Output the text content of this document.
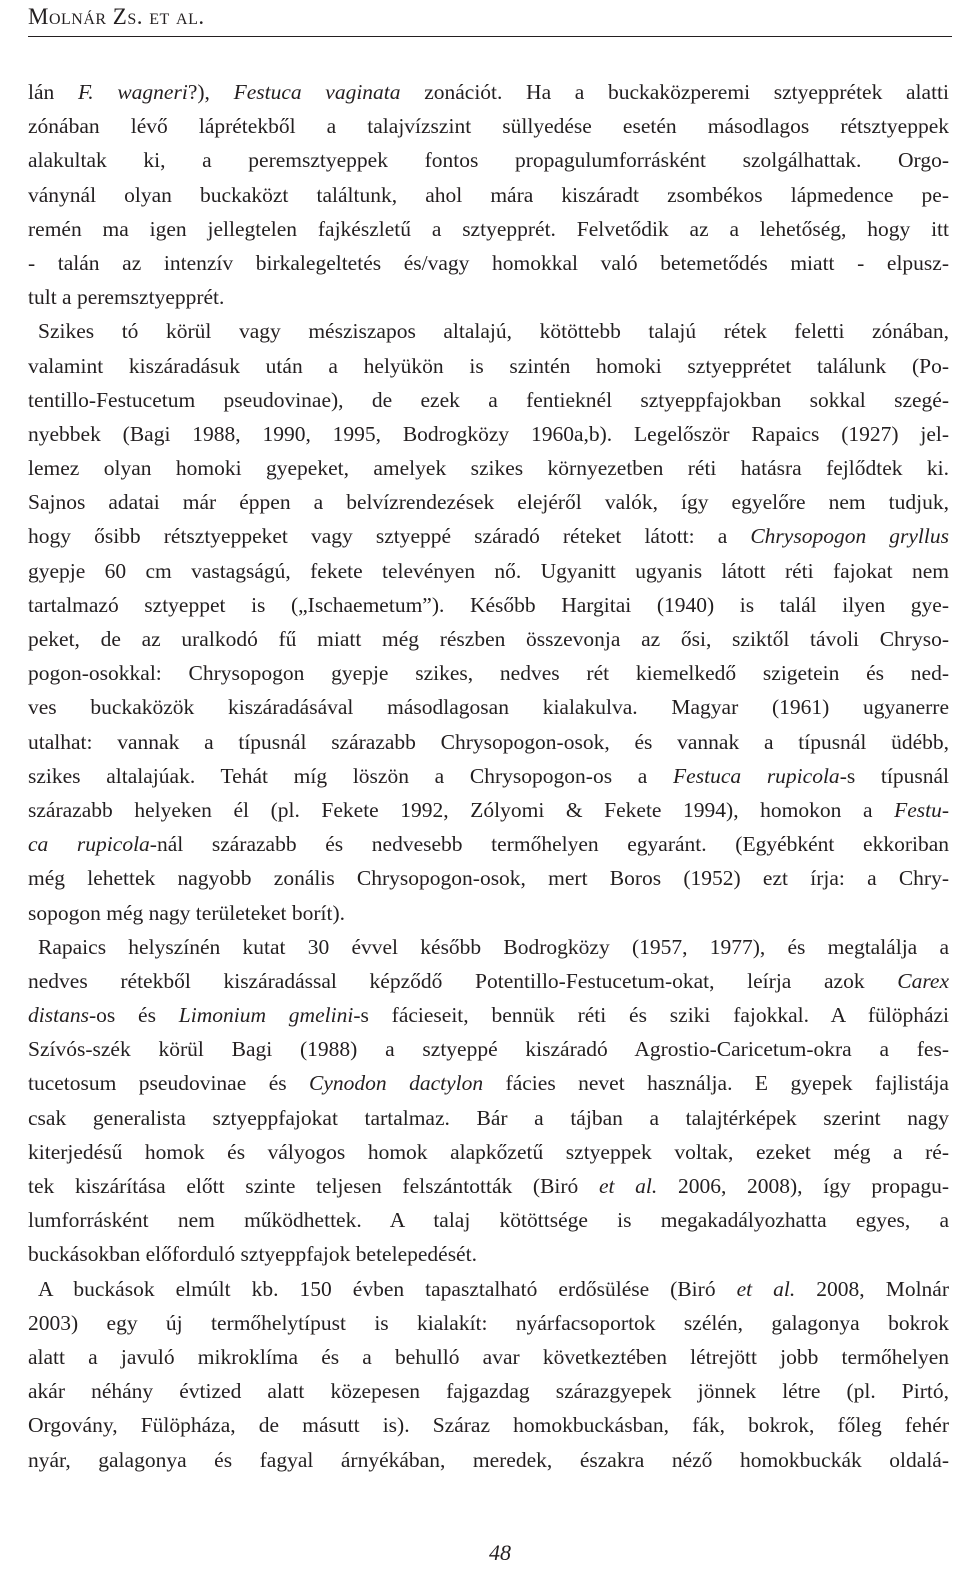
Molnár Zs. et al.
lán F. wagneri?), Festuca vaginata zonációt. Ha a buckaközperemi sztyepprétek alatti
zónában lévő láprétekből a talajvízszint süllyedése esetén másodlagos rétsztyeppek
alakultak ki, a peremsztyeppek fontos propagulumforrásként szolgálhattak. Orgo-
ványnál olyan buckaközt találtunk, ahol mára kiszáradt zsombékos lápmedence pe-
remén ma igen jellegtelen fajkészletű a sztyepprét. Felvetődik az a lehetőség, hogy itt
- talán az intenzív birkalegeltetés és/vagy homokkal való betemetődés miatt - elpusz-
tult a peremsztyepprét.
Szikes tó körül vagy mésziszapos altalajú, kötöttebb talajú rétek feletti zónában,
valamint kiszáradásuk után a helyükön is szintén homoki sztyepprétet találunk (Po-
tentillo-Festucetum pseudovinae), de ezek a fentieknél sztyeppfajokban sokkal szegé-
nyebbek (Bagi 1988, 1990, 1995, Bodrogközy 1960a,b). Legelőször Rapaics (1927) jel-
lemez olyan homoki gyepeket, amelyek szikes környezetben réti hatásra fejlődtek ki.
Sajnos adatai már éppen a belvízrendezések elejéről valók, így egyelőre nem tudjuk,
hogy ősibb rétsztyeppeket vagy sztyeppé száradó réteket látott: a Chrysopogon gryllus
gyepje 60 cm vastagságú, fekete televényen nő. Ugyanitt ugyanis látott réti fajokat nem
tartalmazó sztyeppet is („Ischaemetum”). Később Hargitai (1940) is talál ilyen gye-
peket, de az uralkodó fű miatt még részben összevonja az ősi, sziktől távoli Chryso-
pogon-osokkal: Chrysopogon gyepje szikes, nedves rét kiemelkedő szigetein és ned-
ves buckaközök kiszáradásával másodlagosan kialakulva. Magyar (1961) ugyanerre
utalhat: vannak a típusnál szárazabb Chrysopogon-osok, és vannak a típusnál üdébb,
szikes altalajúak. Tehát míg löszön a Chrysopogon-os a Festuca rupicola-s típusnál
szárazabb helyeken él (pl. Fekete 1992, Zólyomi & Fekete 1994), homokon a Festu-
ca rupicola-nál szárazabb és nedvesebb termőhelyen egyaránt. (Egyébként ekkoriban
még lehettek nagyobb zonális Chrysopogon-osok, mert Boros (1952) ezt írja: a Chry-
sopogon még nagy területeket borít).
Rapaics helyszínén kutat 30 évvel később Bodrogközy (1957, 1977), és megtalálja a
nedves rétekből kiszáradással képződő Potentillo-Festucetum-okat, leírja azok Carex
distans-os és Limonium gmelini-s fácieseit, bennük réti és sziki fajokkal. A fülöpházi
Szívós-szék körül Bagi (1988) a sztyeppé kiszáradó Agrostio-Caricetum-okra a fes-
tucetosum pseudovinae és Cynodon dactylon fácies nevet használja. E gyepek fajlistája
csak generalista sztyeppfajokat tartalmaz. Bár a tájban a talajtérképek szerint nagy
kiterjedésű homok és vályogos homok alapkőzetű sztyeppek voltak, ezeket még a ré-
tek kiszárítása előtt szinte teljesen felszántották (Biró et al. 2006, 2008), így propagu-
lumforrásként nem működhettek. A talaj kötöttsége is megakadályozhatta egyes, a
buckásokban előforduló sztyeppfajok betelepedését.
A buckások elmúlt kb. 150 évben tapasztalható erdősülése (Biró et al. 2008, Molnár
2003) egy új termőhelytípust is kialakít: nyárfacsoportok szélén, galagonya bokrok
alatt a javuló mikroklíma és a behulló avar következtében létrejött jobb termőhelyen
akár néhány évtized alatt közepesen fajgazdag szárazgyepek jönnek létre (pl. Pirtó,
Orgovány, Fülöpháza, de másutt is). Száraz homokbuckásban, fák, bokrok, főleg fehér
nyár, galagonya és fagyal árnyékában, meredek, északra néző homokbuckák oldalá-
48
